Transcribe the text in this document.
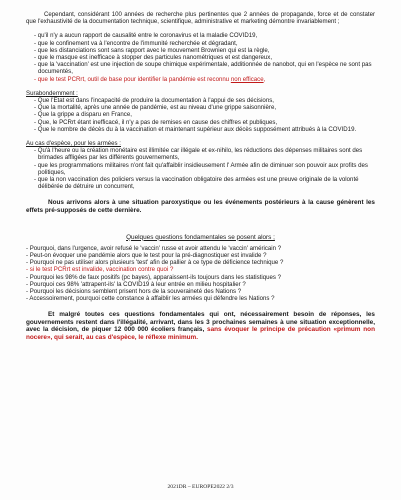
Cependant, considérant 100 années de recherche plus pertinentes que 2 années de propagande, force et de constater que l'exhaustivité de la documentation technique, scientifique, administrative et marketing démontre invariablement ;

- qu'il n'y a aucun rapport de causalité entre le coronavirus et la maladie COVID19,
- que le confinement va à l'encontre de l'immunité recherchée et dégradant,
- que les distanciations sont sans rapport avec le mouvement Brownien qui est la règle,
- que le masque est inefficace à stopper des particules nanométriques et est dangereux,
- que la 'vaccination' est une injection de soupe chimique expérimentale, additionnée de nanobot, qui en l'espèce ne sont pas documentés,
- que le test PCRrt, outil de base pour identifier la pandémie est reconnu non efficace,

Surabondemment :

- Que l'Etat est dans l'incapacité de produire la documentation à l'appui de ses décisions,
- Que la mortalité, après une année de pandémie, est au niveau d'une grippe saisonnière,
- Que la grippe a disparu en France,
- Que, le PCRrt étant inefficacé, il n'y a pas de remises en cause des chiffres et publiques,
- Que le nombre de décès du à la vaccination et maintenant supérieur aux décès supposément attribués à la COVID19.

Au cas d'espèce, pour les armées :

- Qu'à l'heure ou la création monétaire est illimitée car illégale et ex-nihilo, les réductions des dépenses militaires sont des brimades affligées par les différents gouvernements,
- que les programmations militaires n'ont fait qu'affaiblir insidieusement l' Armée afin de diminuer son pouvoir aux profits des politiques,
- que la non vaccination des policiers versus la vaccination obligatoire des armées est une preuve originale de la volonté délibérée de détruire un concurrent,

Nous arrivons alors à une situation paroxystique ou les événements postérieurs à la cause génèrent les effets pré-supposés de cette dernière.

Quelques questions fondamentales se posent alors ;

- Pourquoi, dans l'urgence, avoir refusé le 'vaccin' russe et avoir attendu le 'vaccin' américain ?
- Peut-on évoquer une pandémie alors que le test pour la pré-diagnostiquer est invalide ?
- Pourquoi ne pas utiliser alors plusieurs 'test' afin de pallier à ce type de déficience technique ?
- si le test PCRrt est invalide, vaccination contre quoi ?
- Pourquoi les 98% de faux positifs (pc bayes), apparaissent-ils toujours dans les statistiques ?
- Pourquoi ces 98% 'attrapent-ils' la COVID19 à leur entrée en milieu hospitalier ?
- Pourquoi les décisions semblent prisent hors de la souveraineté des Nations ?
- Accessoirement, pourquoi cette constance à affaiblir les armées qui défendre les Nations ?

Et malgré toutes ces questions fondamentales qui ont, nécessairement besoin de réponses, les gouvernements restent dans l'illégalité, arrivant, dans les 3 prochaines semaines à une situation exceptionnelle, avec la décision, de piquer 12 000 000 écoliers français, sans évoquer le principe de précaution «primum non nocere», qui serait, au cas d'espèce, le réflexe minimum.

2021DR – EUROPE2022 2/3
